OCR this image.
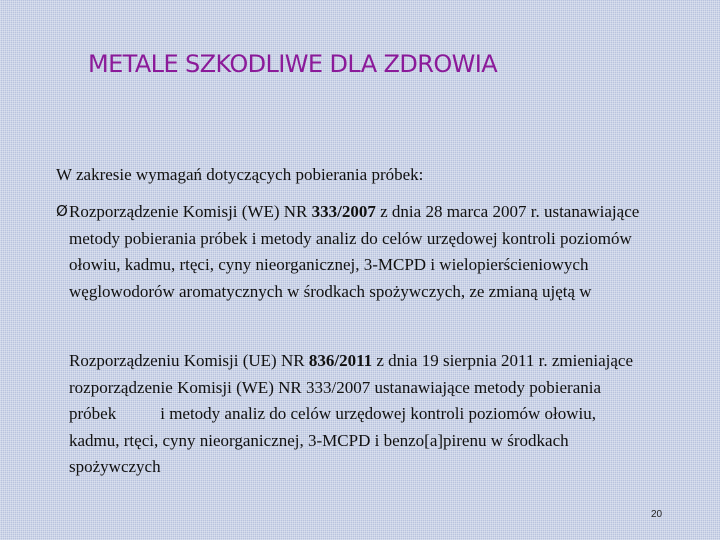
METALE SZKODLIWE DLA ZDROWIA

W zakresie wymagań dotyczących pobierania próbek:

Ø Rozporządzenie Komisji (WE) NR 333/2007 z dnia 28 marca 2007 r. ustanawiające
metody pobierania próbek i metody analiz do celów urzędowej kontroli poziomów
ołowiu, kadmu, rtęci, cyny nieorganicznej, 3-MCPD i wielopierścieniowych
węglowodorów aromatycznych w środkach spożywczych, ze zmianą ujętą w
Rozporządzeniu Komisji (UE) NR 836/2011 z dnia 19 sierpnia 2011 r. zmieniające
rozporządzenie Komisji (WE) NR 333/2007 ustanawiające metody pobierania
próbek	i metody analiz do celów urzędowej kontroli poziomów ołowiu,
kadmu, rtęci, cyny nieorganicznej, 3-MCPD i benzo[a]pirenu w środkach
spożywczych
20
